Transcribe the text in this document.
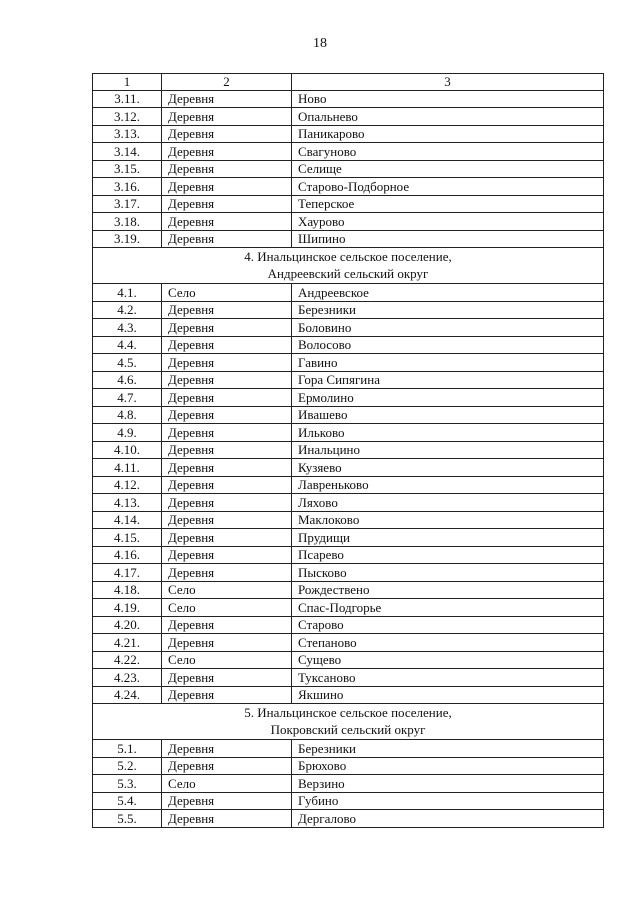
18
1	2	3
3.11.	Деревня	Ново
3.12.	Деревня	Опальнево
3.13.	Деревня	Паникарово
3.14.	Деревня	Свагуново
3.15.	Деревня	Селище
3.16.	Деревня	Старово-Подборное
3.17.	Деревня	Теперское
3.18.	Деревня	Хаурово
3.19.	Деревня	Шипино

4. Инальцинское сельское поселение,
Андреевский сельский округ		

4.1.	Село	Андреевское
4.2.	Деревня	Березники
4.3.	Деревня	Боловино
4.4.	Деревня	Волосово
4.5.	Деревня	Гавино
4.6.	Деревня	Гора Сипягина
4.7.	Деревня	Ермолино
4.8.	Деревня	Ивашево
4.9.	Деревня	Ильково
4.10.	Деревня	Инальцино
4.11.	Деревня	Кузяево
4.12.	Деревня	Лавреньково
4.13.	Деревня	Ляхово
4.14.	Деревня	Маклоково
4.15.	Деревня	Прудищи
4.16.	Деревня	Псарево
4.17.	Деревня	Пысково
4.18.	Село	Рождествено
4.19.	Село	Спас-Подгорье
4.20.	Деревня	Старово
4.21.	Деревня	Степаново
4.22.	Село	Сущево
4.23.	Деревня	Туксаново
4.24.	Деревня	Якшино

5. Инальцинское сельское поселение,
Покровский сельский округ		

5.1.	Деревня	Березники
5.2.	Деревня	Брюхово
5.3.	Село	Верзино
5.4.	Деревня	Губино
5.5.	Деревня	Дергалово
